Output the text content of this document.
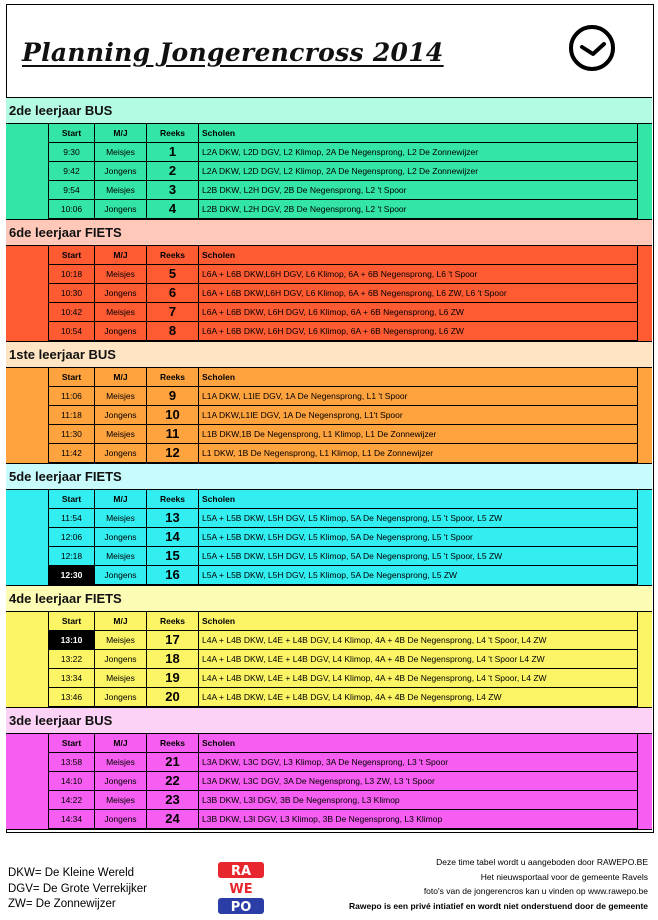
Planning Jongerencross 2014
2de leerjaar BUS
Start	M/J	Reeks	Scholen
9:30	Meisjes	1	L2A DKW, L2D DGV, L2 Klimop, 2A De Negensprong, L2 De Zonnewijzer
9:42	Jongens	2	L2A DKW, L2D DGV, L2 Klimop, 2A De Negensprong, L2 De Zonnewijzer
9:54	Meisjes	3	L2B DKW, L2H DGV, 2B De Negensprong, L2 't Spoor
10:06	Jongens	4	L2B DKW, L2H DGV, 2B De Negensprong, L2 't Spoor
6de leerjaar FIETS
Start	M/J	Reeks	Scholen
10:18	Meisjes	5	L6A + L6B DKW,L6H DGV, L6 Klimop, 6A + 6B Negensprong, L6 't Spoor
10:30	Jongens	6	L6A + L6B DKW,L6H DGV, L6 Klimop, 6A + 6B Negensprong, L6 ZW, L6 't Spoor
10:42	Meisjes	7	L6A + L6B DKW, L6H DGV, L6 Klimop, 6A + 6B Negensprong, L6 ZW
10:54	Jongens	8	L6A + L6B DKW, L6H DGV, L6 Klimop, 6A + 6B Negensprong, L6 ZW
1ste leerjaar BUS
Start	M/J	Reeks	Scholen
11:06	Meisjes	9	L1A DKW, L1IE DGV, 1A De Negensprong, L1 't Spoor
11:18	Jongens	10	L1A DKW,L1IE DGV, 1A De Negensprong, L1't Spoor
11:30	Meisjes	11	L1B DKW,1B De Negensprong, L1 Klimop, L1 De Zonnewijzer
11:42	Jongens	12	L1 DKW, 1B De Negensprong, L1 Klimop, L1 De Zonnewijzer
5de leerjaar FIETS
Start	M/J	Reeks	Scholen
11:54	Meisjes	13	L5A + L5B DKW, L5H DGV, L5 Klimop, 5A De Negensprong, L5 't Spoor, L5 ZW
12:06	Jongens	14	L5A + L5B DKW, L5H DGV, L5 Klimop, 5A De Negensprong, L5 't Spoor
12:18	Meisjes	15	L5A + L5B DKW, L5H DGV, L5 Klimop, 5A De Negensprong, L5 't Spoor, L5 ZW
12:30	Jongens	16	L5A + L5B DKW, L5H DGV, L5 Klimop, 5A De Negensprong, L5 ZW
4de leerjaar FIETS
Start	M/J	Reeks	Scholen
13:10	Meisjes	17	L4A + L4B DKW, L4E + L4B DGV, L4 Klimop, 4A + 4B De Negensprong, L4 't Spoor, L4 ZW
13:22	Jongens	18	L4A + L4B DKW, L4E + L4B DGV, L4 Klimop, 4A + 4B De Negensprong, L4 't Spoor L4 ZW
13:34	Meisjes	19	L4A + L4B DKW, L4E + L4B DGV, L4 Klimop, 4A + 4B De Negensprong, L4 't Spoor, L4 ZW
13:46	Jongens	20	L4A + L4B DKW, L4E + L4B DGV, L4 Klimop, 4A + 4B De Negensprong, L4 ZW
3de leerjaar BUS
Start	M/J	Reeks	Scholen
13:58	Meisjes	21	L3A DKW, L3C DGV, L3 Klimop, 3A De Negensprong, L3 't Spoor
14:10	Jongens	22	L3A DKW, L3C DGV, 3A De Negensprong, L3 ZW, L3 't Spoor
14:22	Meisjes	23	L3B DKW, L3I DGV, 3B De Negensprong, L3 Klimop
14:34	Jongens	24	L3B DKW, L3I DGV, L3 Klimop, 3B De Negensprong, L3 Klimop
DKW= De Kleine Wereld
DGV= De Grote Verrekijker
ZW= De Zonnewijzer
RA
WE
PO
Deze time tabel wordt u aangeboden door RAWEPO.BE
Het nieuwsportaal voor de gemeente Ravels
foto's van de jongerencros kan u vinden op www.rawepo.be
Rawepo is een privé intiatief en wordt niet onderstuend door de gemeente
